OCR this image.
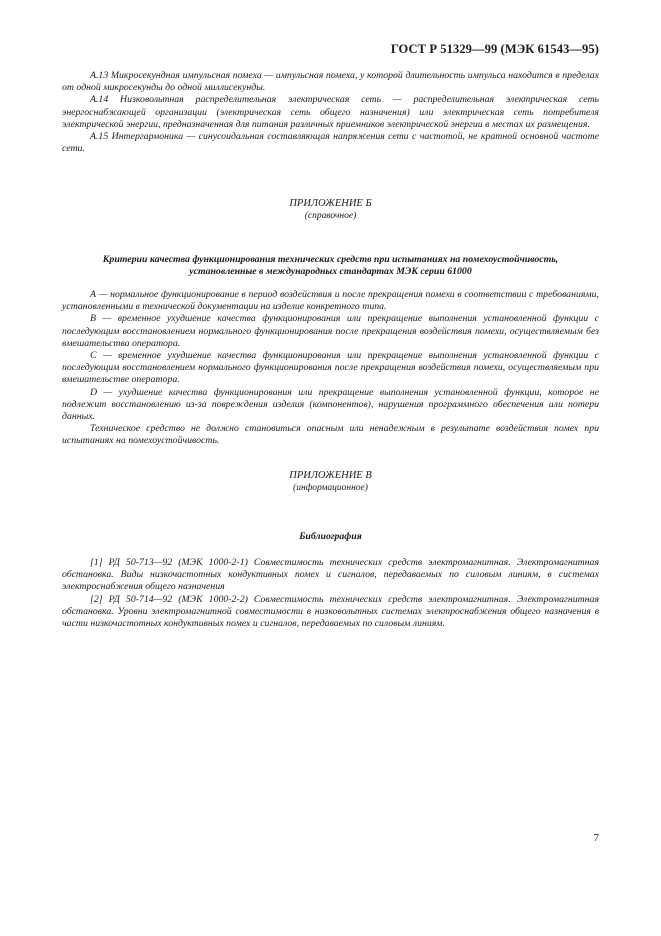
ГОСТ Р 51329—99 (МЭК 61543—95)

A.13 Микросекундная импульсная помеха — импульсная помеха, у которой длительность импульса находится в пределах от одной микросекунды до одной миллисекунды.

A.14 Низковольтная распределительная электрическая сеть — распределительная электрическая сеть энергоснабжающей организации (электрическая сеть общего назначения) или электрическая сеть потребителя электрической энергии, предназначенная для питания различных приемников электрической энергии в местах их размещения.

A.15 Интергармоника — синусоидальная составляющая напряжения сети с частотой, не кратной основной частоте сети.

ПРИЛОЖЕНИЕ Б
(справочное)
Критерии качества функционирования технических средств при испытаниях на помехоустойчивость,
установленные в международных стандартах МЭК серии 61000

А — нормальное функционирование в период воздействия и после прекращения помехи в соответствии с требованиями, установленными в технической документации на изделие конкретного типа.

В — временное ухудшение качества функционирования или прекращение выполнения установленной функции с последующим восстановлением нормального функционирования после прекращения воздействия помехи, осуществляемым без вмешательства оператора.

С — временное ухудшение качества функционирования или прекращение выполнения установленной функции с последующим восстановлением нормального функционирования после прекращения воздействия помехи, осуществляемым при вмешательстве оператора.

D — ухудшение качества функционирования или прекращение выполнения установленной функции, которое не подлежит восстановлению из-за повреждения изделия (компонентов), нарушения программного обеспечения или потери данных.

Техническое средство не должно становиться опасным или ненадежным в результате воздействия помех при испытаниях на помехоустойчивость.

ПРИЛОЖЕНИЕ В
(информационное)
Библиография

[1] РД 50-713—92 (МЭК 1000-2-1) Совместимость технических средств электромагнитная. Электромагнитная обстановка. Виды низкочастотных кондуктивных помех и сигналов, передаваемых по силовым линиям, в системах электроснабжения общего назначения

[2] РД 50-714—92 (МЭК 1000-2-2) Совместимость технических средств электромагнитная. Электромагнитная обстановка. Уровни электромагнитной совместимости в низковольтных системах электроснабжения общего назначения в части низкочастотных кондуктивных помех и сигналов, передаваемых по силовым линиям.

7
